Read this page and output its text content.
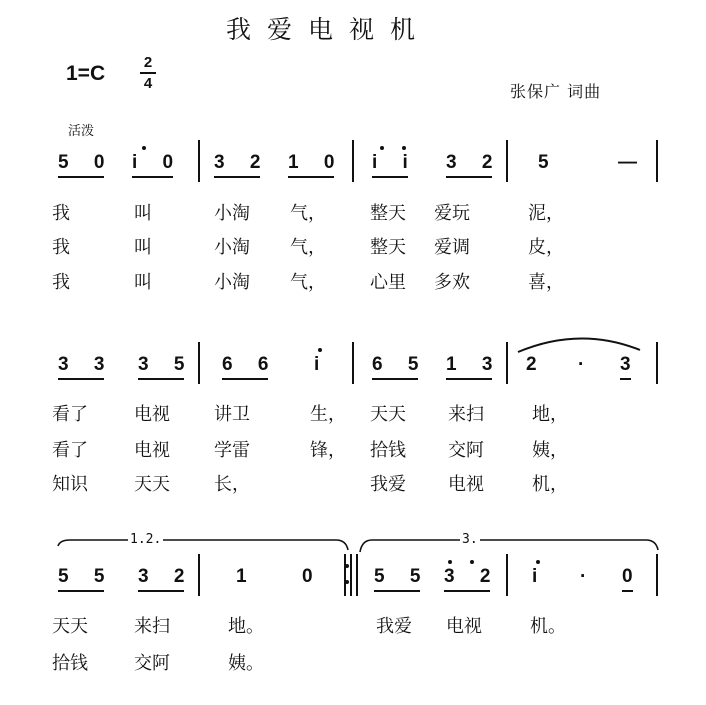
我爱电视机
1=C	2
4	张保广 词曲
活泼
5 0 i 0 3 2 1 0 i i 3 2 5	—
我	叫	小淘 气， 整天 爱玩	泥，
我	叫	小淘 气， 整天 爱调	皮，
我	叫	小淘 气， 心里 多欢	喜，
3 3 3 5 6 6 i 6 5 1 3 2 · 3
看了	电视 讲卫	生， 天天 来扫	地，
看了	电视 学雷	锋， 拾钱 交阿	姨，
知识	天天 长，	我爱 电视	机，
5 5 3 2 1 0	5 5 3 2 i · 0
1.2.	3.
天天	来扫	地。	我爱 电视	机。
拾钱	交阿	姨。
